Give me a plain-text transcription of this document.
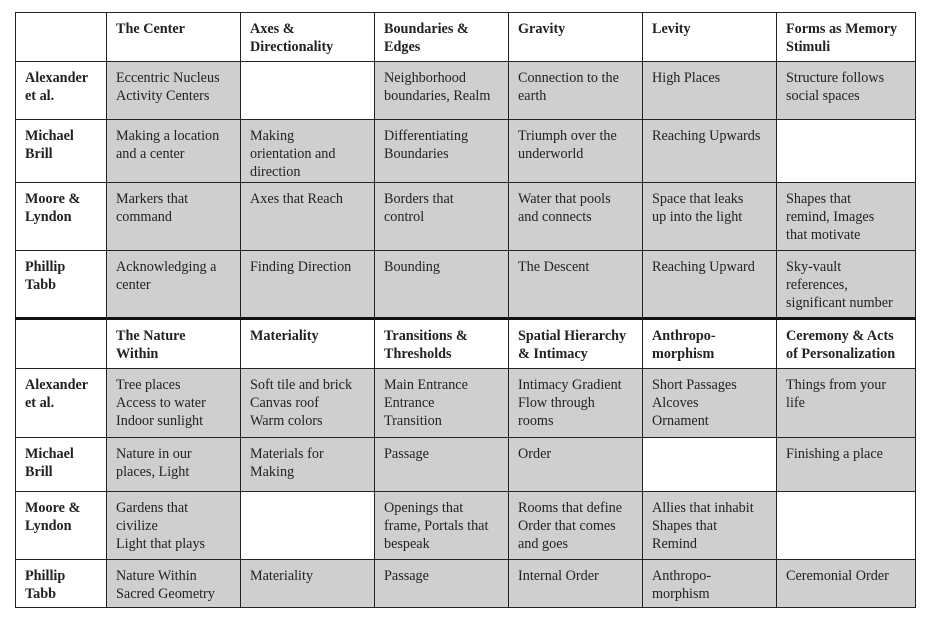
	The Center	Axes &
Directionality	Boundaries &
Edges	Gravity	Levity	Forms as Memory
Stimuli

Alexander
et al.	Eccentric Nucleus
Activity Centers		Neighborhood
boundaries, Realm	Connection to the
earth	High Places	Structure follows
social spaces

Michael
Brill	Making a location
and a center	Making
orientation and
direction	Differentiating
Boundaries	Triumph over the
underworld	Reaching Upwards	

Moore &
Lyndon	Markers that
command	Axes that Reach	Borders that
control	Water that pools
and connects	Space that leaks
up into the light	Shapes that
remind, Images
that motivate

Phillip
Tabb	Acknowledging a
center	Finding Direction	Bounding	The Descent	Reaching Upward	Sky-vault
references,
significant number

	The Nature
Within	Materiality	Transitions &
Thresholds	Spatial Hierarchy
& Intimacy	Anthropo-
morphism	Ceremony & Acts
of Personalization

Alexander
et al.	Tree places
Access to water
Indoor sunlight	Soft tile and brick
Canvas roof
Warm colors	Main Entrance
Entrance
Transition	Intimacy Gradient
Flow through
rooms	Short Passages
Alcoves
Ornament	Things from your
life

Michael
Brill	Nature in our
places, Light	Materials for
Making	Passage	Order		Finishing a place

Moore &
Lyndon	Gardens that
civilize
Light that plays		Openings that
frame, Portals that
bespeak	Rooms that define
Order that comes
and goes	Allies that inhabit
Shapes that
Remind	

Phillip
Tabb	Nature Within
Sacred Geometry	Materiality	Passage	Internal Order	Anthropo-
morphism	Ceremonial Order
